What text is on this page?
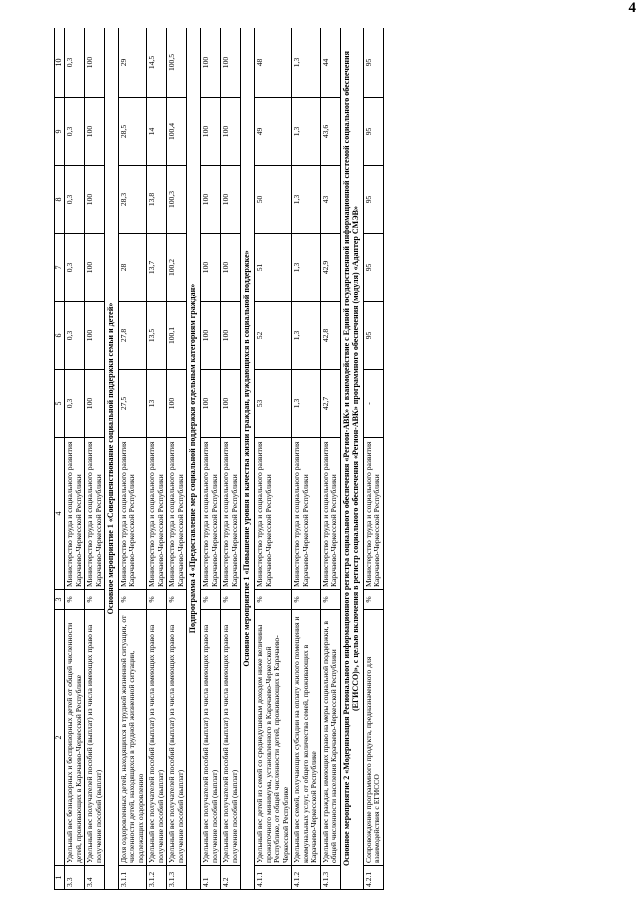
4
1	2	3	4	5	6	7	8	9	10
3.3	Удельный вес безнадзорных и беспризорных детей от общей численности детей, проживающих в Карачаево-Черкесской Республике	%	Министерство труда и социального развития Карачаево-Черкесской Республики	0,3	0,3	0,3	0,3	0,3	0,3
3.4	Удельный вес получателей пособий (выплат) из числа имеющих право на получение пособий (выплат)	%	Министерство труда и социального развития Карачаево-Черкесской Республики	100	100	100	100	100	100
Основное мероприятие 1 «Совершенствование социальной поддержки семьи и детей»									
3.1.1	Доля оздоровленных детей, находящихся в трудной жизненной ситуации, от численности детей, находящихся в трудной жизненной ситуации, подлежащих оздоровлению	%	Министерство труда и социального развития Карачаево-Черкесской Республики	27,5	27,8	28	28,3	28,5	29
3.1.2	Удельный вес получателей пособий (выплат) из числа имеющих право на получение пособий (выплат)	%	Министерство труда и социального развития Карачаево-Черкесской Республики	13	13,5	13,7	13,8	14	14,5
3.1.3	Удельный вес получателей пособий (выплат) из числа имеющих право на получение пособий (выплат)	%	Министерство труда и социального развития Карачаево-Черкесской Республики	100	100,1	100,2	100,3	100,4	100,5
Подпрограмма 4 «Предоставление мер социальной поддержки отдельным категориям граждан»									
4.1	Удельный вес получателей пособий (выплат) из числа имеющих право на получение пособий (выплат)	%	Министерство труда и социального развития Карачаево-Черкесской Республики	100	100	100	100	100	100
4.2	Удельный вес получателей пособий (выплат) из числа имеющих право на получение пособий (выплат)	%	Министерство труда и социального развития Карачаево-Черкесской Республики	100	100	100	100	100	100
Основное мероприятие 1 «Повышение уровня и качества жизни граждан, нуждающихся в социальной поддержке»									
4.1.1	Удельный вес детей из семей со среднедушевым доходом ниже величины прожиточного минимума, установленного в Карачаево-Черкесской Республике, от общей численности детей, проживающих в Карачаево-Черкесской Республике	%	Министерство труда и социального развития Карачаево-Черкесской Республики	53	52	51	50	49	48
4.1.2	Удельный вес семей, получающих субсидии на оплату жилого помещения и коммунальных услуг, от общего количества семей, проживающих в Карачаево-Черкесской Республике	%	Министерство труда и социального развития Карачаево-Черкесской Республики	1,3	1,3	1,3	1,3	1,3	1,3
4.1.3	Удельный вес граждан, имеющих право на меры социальной поддержки, в общей численности населения Карачаево-Черкесской Республики	%	Министерство труда и социального развития Карачаево-Черкесской Республики	42,7	42,8	42,9	43	43,6	44
Основное мероприятие 2 «Модернизация Регионального информационного регистра социального обеспечения «Регион-АВК» и взаимодействие с Единой государственной информационной системой социального обеспечения (ЕГИССО)», с целью включения в регистр социального обеспечения «Регион-АВК» программного обеспечения (модуля) «Адаптер СМЭВ»									
4.2.1	Сопровождение программного продукта, предназначенного для взаимодействия с ЕГИССО	%	Министерство труда и социального развития Карачаево-Черкесской Республики	-	95	95	95	95	95
